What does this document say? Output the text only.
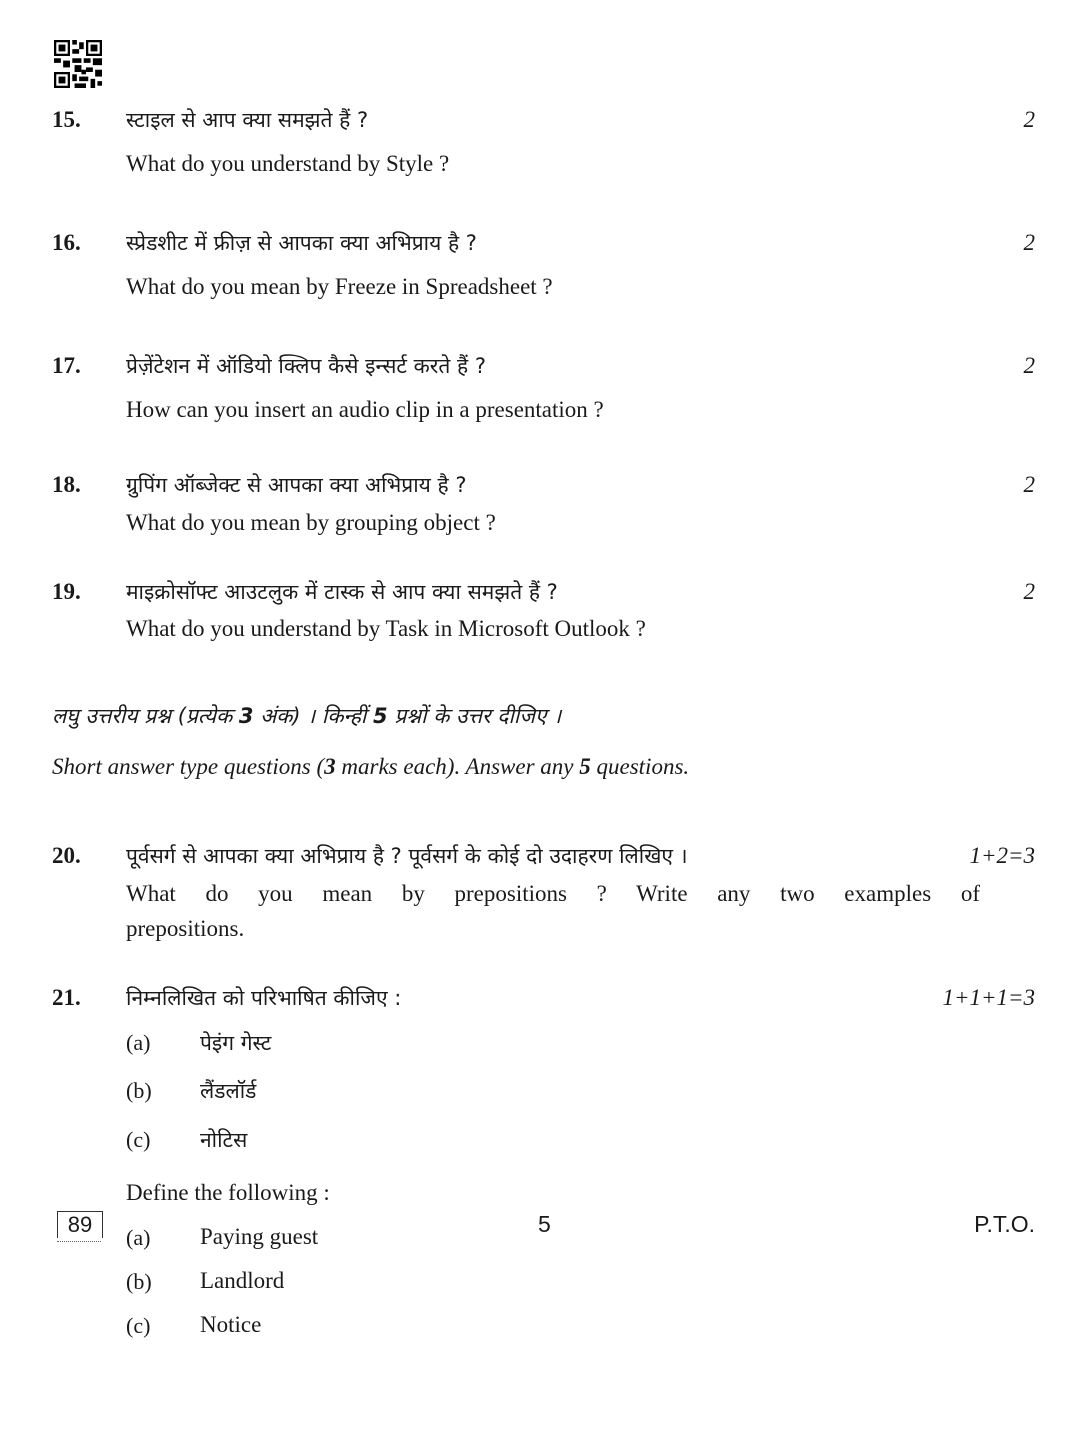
15. स्टाइल से आप क्या समझते हैं ?	2
What do you understand by Style ?
16. स्प्रेडशीट में फ्रीज़ से आपका क्या अभिप्राय है ?	2
What do you mean by Freeze in Spreadsheet ?
17. प्रेज़ेंटेशन में ऑडियो क्लिप कैसे इन्सर्ट करते हैं ?	2
How can you insert an audio clip in a presentation ?
18. ग्रुपिंग ऑब्जेक्ट से आपका क्या अभिप्राय है ?	2
What do you mean by grouping object ?
19. माइक्रोसॉफ्ट आउटलुक में टास्क से आप क्या समझते हैं ?	2
What do you understand by Task in Microsoft Outlook ?
लघु उत्तरीय प्रश्न (प्रत्येक 3 अंक) । किन्हीं 5 प्रश्नों के उत्तर दीजिए ।
Short answer type questions (3 marks each). Answer any 5 questions.
20. पूर्वसर्ग से आपका क्या अभिप्राय है ? पूर्वसर्ग के कोई दो उदाहरण लिखिए ।	1+2=3
What do you mean by prepositions ? Write any two examples of
prepositions.
21. निम्नलिखित को परिभाषित कीजिए :	1+1+1=3
(a) पेइंग गेस्ट
(b) लैंडलॉर्ड
(c) नोटिस
Define the following :
(a) Paying guest
(b) Landlord
(c) Notice
89	5	P.T.O.
